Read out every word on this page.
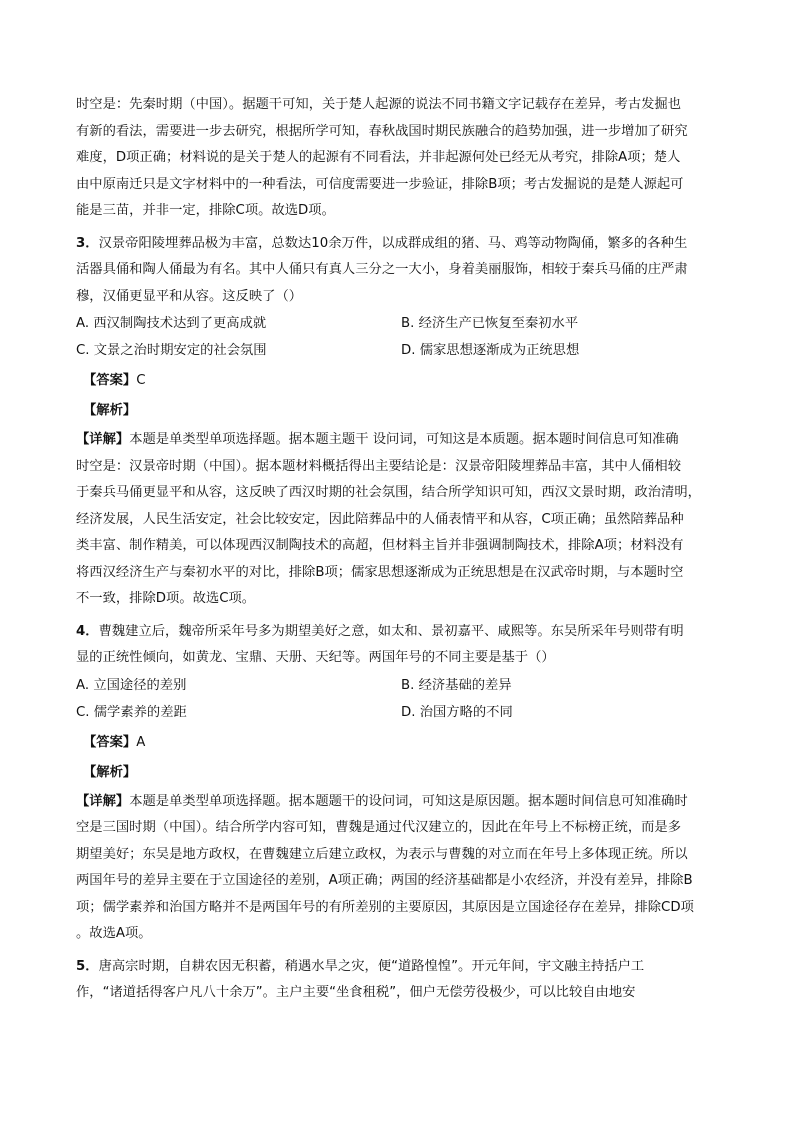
时空是：先秦时期（中国）。据题干可知，关于楚人起源的说法不同书籍文字记载存在差异，考古发掘也

有新的看法，需要进一步去研究，根据所学可知，春秋战国时期民族融合的趋势加强，进一步增加了研究

难度，D项正确；材料说的是关于楚人的起源有不同看法，并非起源何处已经无从考究，排除A项；楚人

由中原南迁只是文字材料中的一种看法，可信度需要进一步验证，排除B项；考古发掘说的是楚人源起可

能是三苗，并非一定，排除C项。故选D项。

3．汉景帝阳陵埋葬品极为丰富，总数达10余万件，以成群成组的猪、马、鸡等动物陶俑，繁多的各种生

活器具俑和陶人俑最为有名。其中人俑只有真人三分之一大小，身着美丽服饰，相较于秦兵马俑的庄严肃

穆，汉俑更显平和从容。这反映了（）

A. 西汉制陶技术达到了更高成就	B. 经济生产已恢复至秦初水平
C. 文景之治时期安定的社会氛围	D. 儒家思想逐渐成为正统思想
【答案】C
【解析】

【详解】本题是单类型单项选择题。据本题主题干 设问词，可知这是本质题。据本题时间信息可知准确

时空是：汉景帝时期（中国）。据本题材料概括得出主要结论是：汉景帝阳陵埋葬品丰富，其中人俑相较

于秦兵马俑更显平和从容，这反映了西汉时期的社会氛围，结合所学知识可知，西汉文景时期，政治清明，

经济发展，人民生活安定，社会比较安定，因此陪葬品中的人俑表情平和从容，C项正确；虽然陪葬品种

类丰富、制作精美，可以体现西汉制陶技术的高超，但材料主旨并非强调制陶技术，排除A项；材料没有

将西汉经济生产与秦初水平的对比，排除B项；儒家思想逐渐成为正统思想是在汉武帝时期，与本题时空

不一致，排除D项。故选C项。

4．曹魏建立后，魏帝所采年号多为期望美好之意，如太和、景初嘉平、咸熙等。东吴所采年号则带有明

显的正统性倾向，如黄龙、宝鼎、天册、天纪等。两国年号的不同主要是基于（）

A. 立国途径的差别	B. 经济基础的差异
C. 儒学素养的差距	D. 治国方略的不同
【答案】A
【解析】

【详解】本题是单类型单项选择题。据本题题干的设问词，可知这是原因题。据本题时间信息可知准确时

空是三国时期（中国）。结合所学内容可知，曹魏是通过代汉建立的，因此在年号上不标榜正统，而是多

期望美好；东吴是地方政权，在曹魏建立后建立政权，为表示与曹魏的对立而在年号上多体现正统。所以

两国年号的差异主要在于立国途径的差别，A项正确；两国的经济基础都是小农经济，并没有差异，排除B

项；儒学素养和治国方略并不是两国年号的有所差别的主要原因，其原因是立国途径存在差异，排除CD项

。故选A项。

5．唐高宗时期，自耕农因无积蓄，稍遇水旱之灾，便“道路惶惶”。开元年间，宇文融主持括户工

作，“诸道括得客户凡八十余万”。主户主要“坐食租税”，佃户无偿劳役极少，可以比较自由地安
